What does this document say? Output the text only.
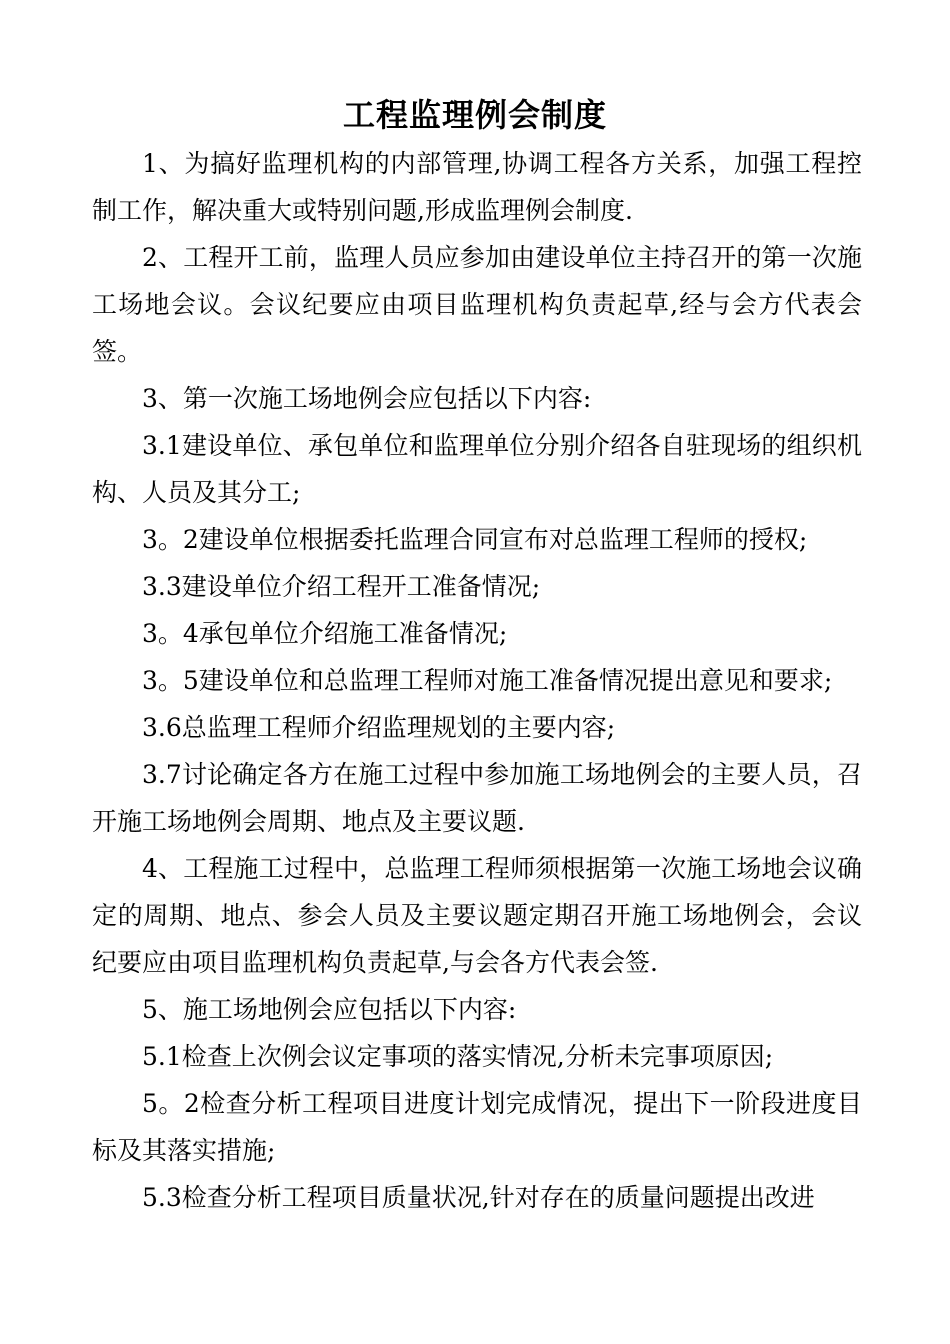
工程监理例会制度

1、为搞好监理机构的内部管理,协调工程各方关系，加强工程控制工作，解决重大或特别问题,形成监理例会制度.

2、工程开工前，监理人员应参加由建设单位主持召开的第一次施工场地会议。会议纪要应由项目监理机构负责起草,经与会方代表会签。

3、第一次施工场地例会应包括以下内容:

3.1建设单位、承包单位和监理单位分别介绍各自驻现场的组织机构、人员及其分工;

3。2建设单位根据委托监理合同宣布对总监理工程师的授权;

3.3建设单位介绍工程开工准备情况;

3。4承包单位介绍施工准备情况;

3。5建设单位和总监理工程师对施工准备情况提出意见和要求;

3.6总监理工程师介绍监理规划的主要内容;

3.7讨论确定各方在施工过程中参加施工场地例会的主要人员，召开施工场地例会周期、地点及主要议题.

4、工程施工过程中，总监理工程师须根据第一次施工场地会议确定的周期、地点、参会人员及主要议题定期召开施工场地例会，会议纪要应由项目监理机构负责起草,与会各方代表会签.

5、施工场地例会应包括以下内容:

5.1检查上次例会议定事项的落实情况,分析未完事项原因;

5。2检查分析工程项目进度计划完成情况，提出下一阶段进度目标及其落实措施;

5.3检查分析工程项目质量状况,针对存在的质量问题提出改进
